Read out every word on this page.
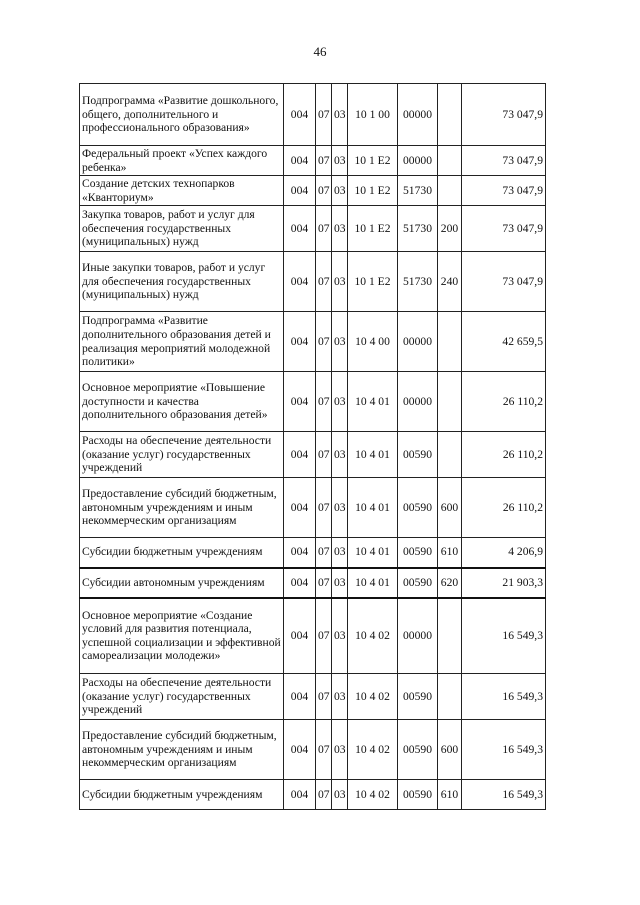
46
Подпрограмма «Развитие дошкольного, общего, дополнительного и профессионального образования»	004	07	03	10 1 00	00000		73 047,9
Федеральный проект «Успех каждого ребенка»	004	07	03	10 1 E2	00000		73 047,9
Создание детских технопарков «Кванториум»	004	07	03	10 1 E2	51730		73 047,9
Закупка товаров, работ и услуг для обеспечения государственных (муниципальных) нужд	004	07	03	10 1 E2	51730	200	73 047,9
Иные закупки товаров, работ и услуг для обеспечения государственных (муниципальных) нужд	004	07	03	10 1 E2	51730	240	73 047,9
Подпрограмма «Развитие дополнительного образования детей и реализация мероприятий молодежной политики»	004	07	03	10 4 00	00000		42 659,5
Основное мероприятие «Повышение доступности и качества дополнительного образования детей»	004	07	03	10 4 01	00000		26 110,2
Расходы на обеспечение деятельности (оказание услуг) государственных учреждений	004	07	03	10 4 01	00590		26 110,2
Предоставление субсидий бюджетным, автономным учреждениям и иным некоммерческим организациям	004	07	03	10 4 01	00590	600	26 110,2
Субсидии бюджетным учреждениям	004	07	03	10 4 01	00590	610	4 206,9
Субсидии автономным учреждениям	004	07	03	10 4 01	00590	620	21 903,3
Основное мероприятие «Создание условий для развития потенциала, успешной социализации и эффективной самореализации молодежи»	004	07	03	10 4 02	00000		16 549,3
Расходы на обеспечение деятельности (оказание услуг) государственных учреждений	004	07	03	10 4 02	00590		16 549,3
Предоставление субсидий бюджетным, автономным учреждениям и иным некоммерческим организациям	004	07	03	10 4 02	00590	600	16 549,3
Субсидии бюджетным учреждениям	004	07	03	10 4 02	00590	610	16 549,3
